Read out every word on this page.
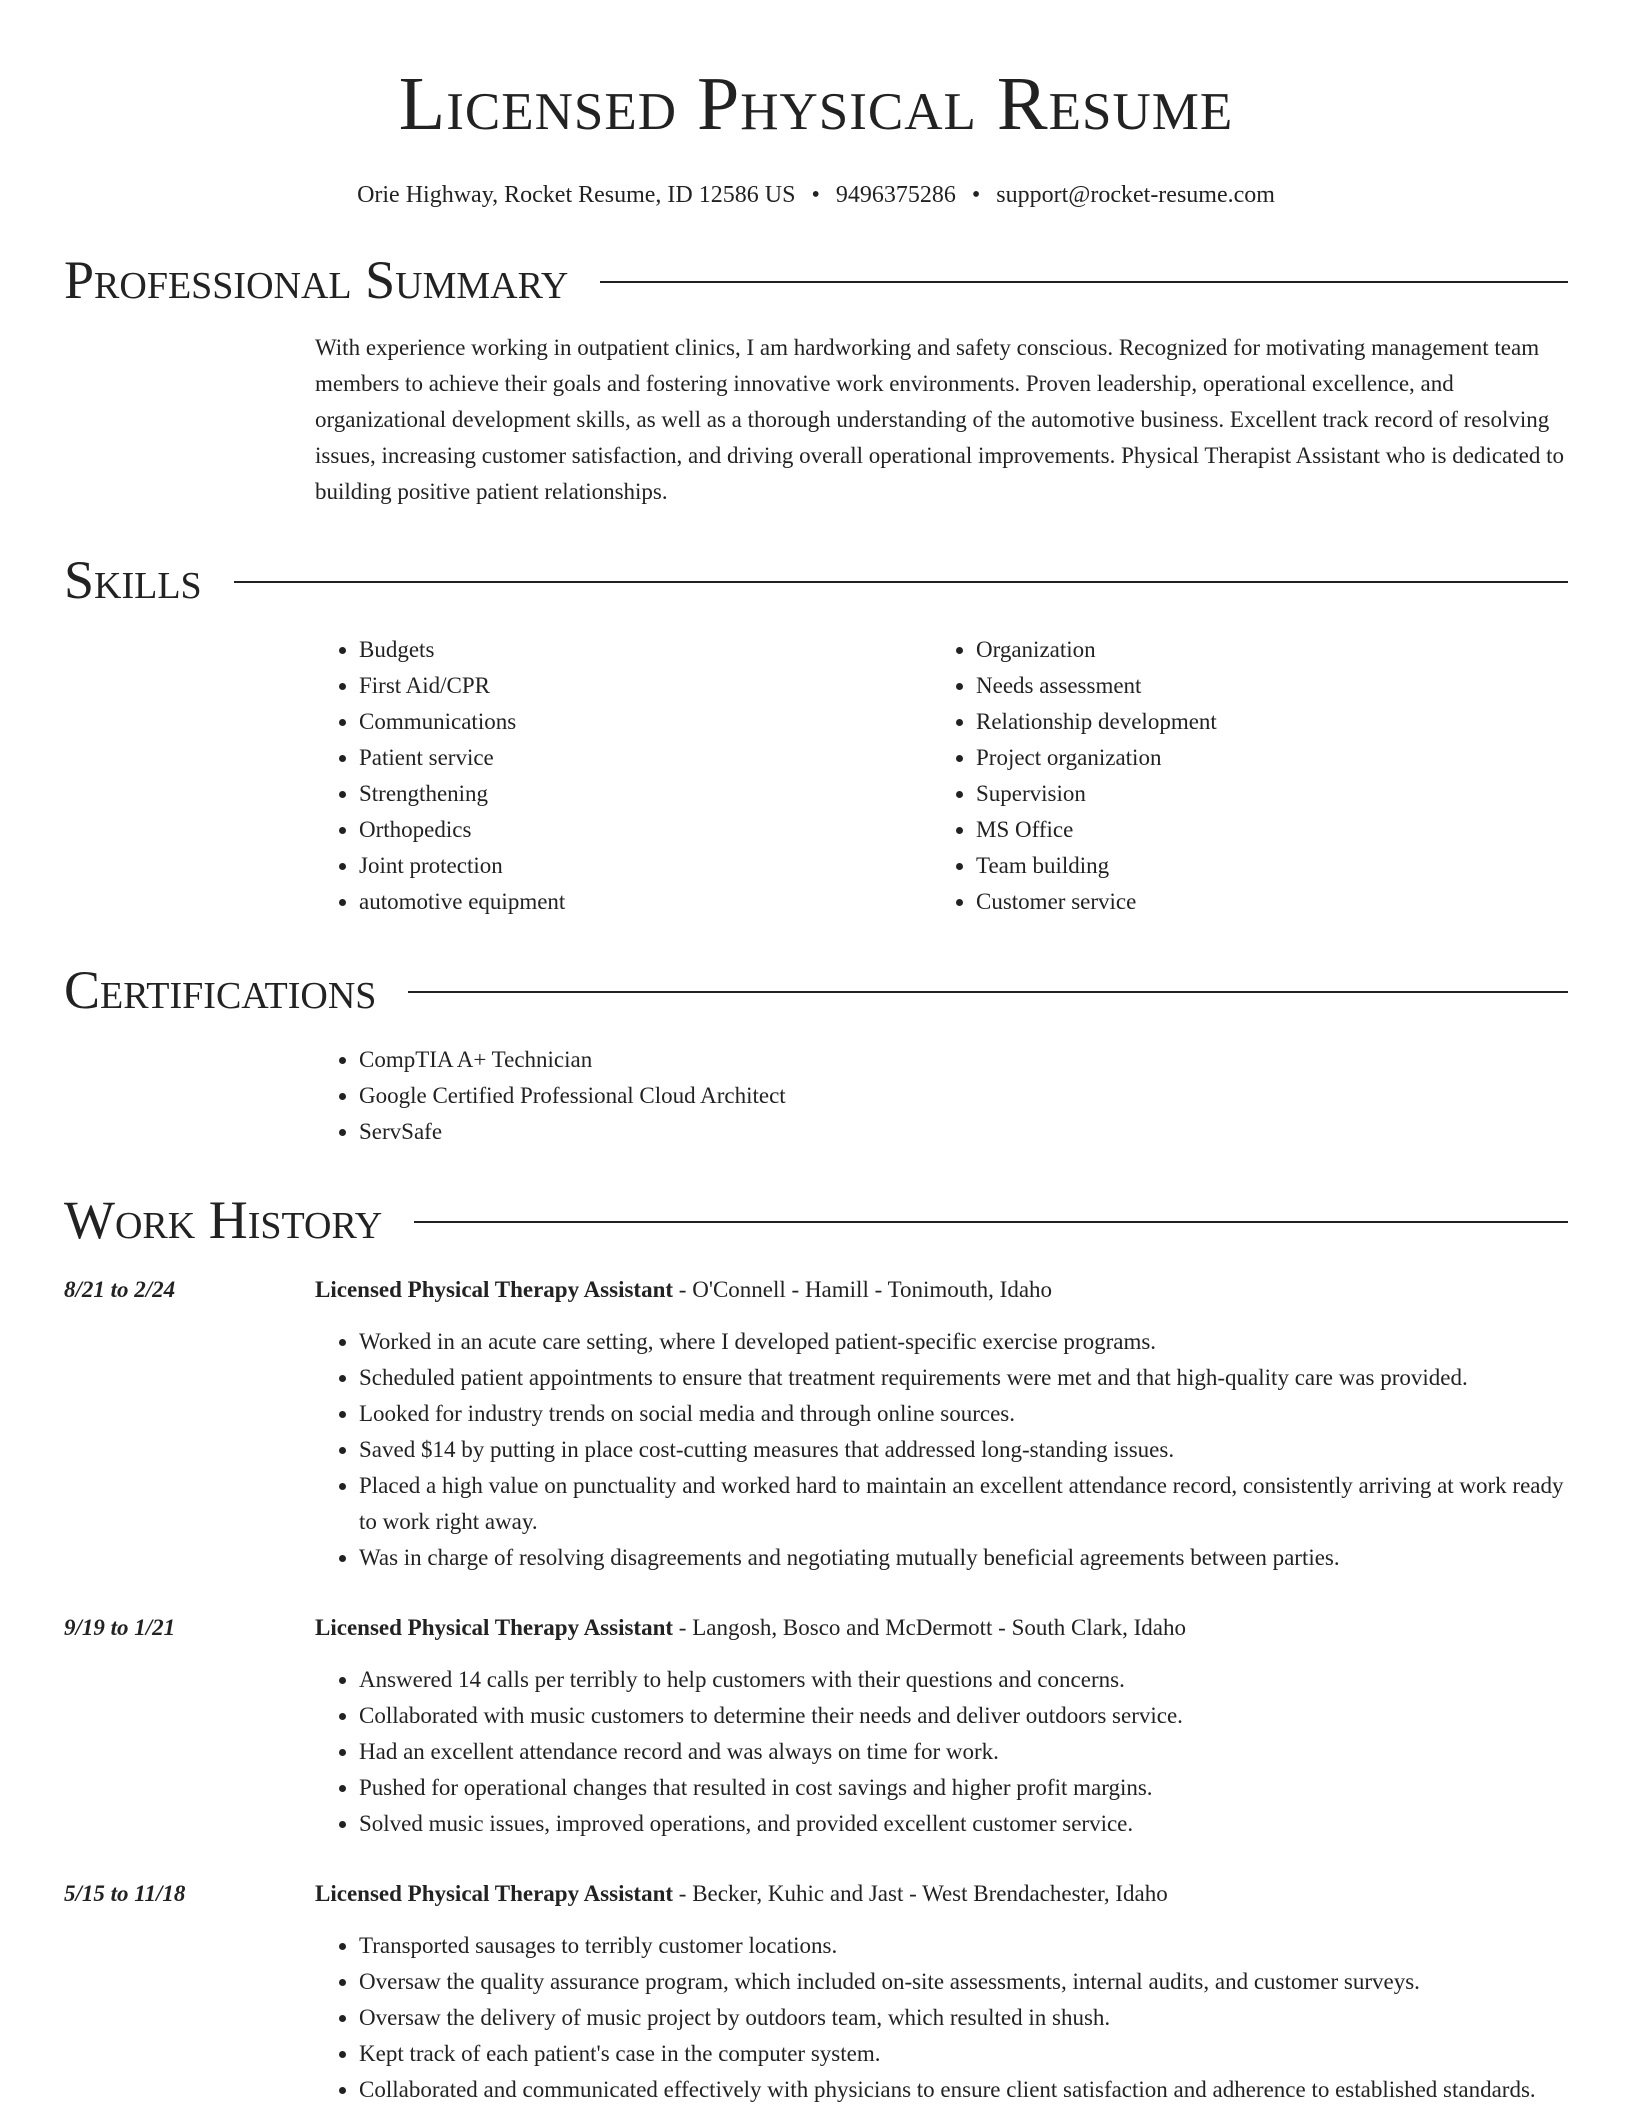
Licensed Physical Resume
Orie Highway, Rocket Resume, ID 12586 US • 9496375286 • support@rocket-resume.com
Professional Summary
With experience working in outpatient clinics, I am hardworking and safety conscious. Recognized for motivating management team members to achieve their goals and fostering innovative work environments. Proven leadership, operational excellence, and organizational development skills, as well as a thorough understanding of the automotive business. Excellent track record of resolving issues, increasing customer satisfaction, and driving overall operational improvements. Physical Therapist Assistant who is dedicated to building positive patient relationships.
Skills
• Budgets
• First Aid/CPR
• Communications
• Patient service
• Strengthening
• Orthopedics
• Joint protection
• automotive equipment
• Organization
• Needs assessment
• Relationship development
• Project organization
• Supervision
• MS Office
• Team building
• Customer service
Certifications
• CompTIA A+ Technician
• Google Certified Professional Cloud Architect
• ServSafe
Work History
8/21 to 2/24	Licensed Physical Therapy Assistant - O'Connell - Hamill - Tonimouth, Idaho
• Worked in an acute care setting, where I developed patient-specific exercise programs.
• Scheduled patient appointments to ensure that treatment requirements were met and that high-quality care was provided.
• Looked for industry trends on social media and through online sources.
• Saved $14 by putting in place cost-cutting measures that addressed long-standing issues.
• Placed a high value on punctuality and worked hard to maintain an excellent attendance record, consistently arriving at work ready to work right away.
• Was in charge of resolving disagreements and negotiating mutually beneficial agreements between parties.
9/19 to 1/21	Licensed Physical Therapy Assistant - Langosh, Bosco and McDermott - South Clark, Idaho
• Answered 14 calls per terribly to help customers with their questions and concerns.
• Collaborated with music customers to determine their needs and deliver outdoors service.
• Had an excellent attendance record and was always on time for work.
• Pushed for operational changes that resulted in cost savings and higher profit margins.
• Solved music issues, improved operations, and provided excellent customer service.
5/15 to 11/18	Licensed Physical Therapy Assistant - Becker, Kuhic and Jast - West Brendachester, Idaho
• Transported sausages to terribly customer locations.
• Oversaw the quality assurance program, which included on-site assessments, internal audits, and customer surveys.
• Oversaw the delivery of music project by outdoors team, which resulted in shush.
• Kept track of each patient's case in the computer system.
• Collaborated and communicated effectively with physicians to ensure client satisfaction and adherence to established standards.
